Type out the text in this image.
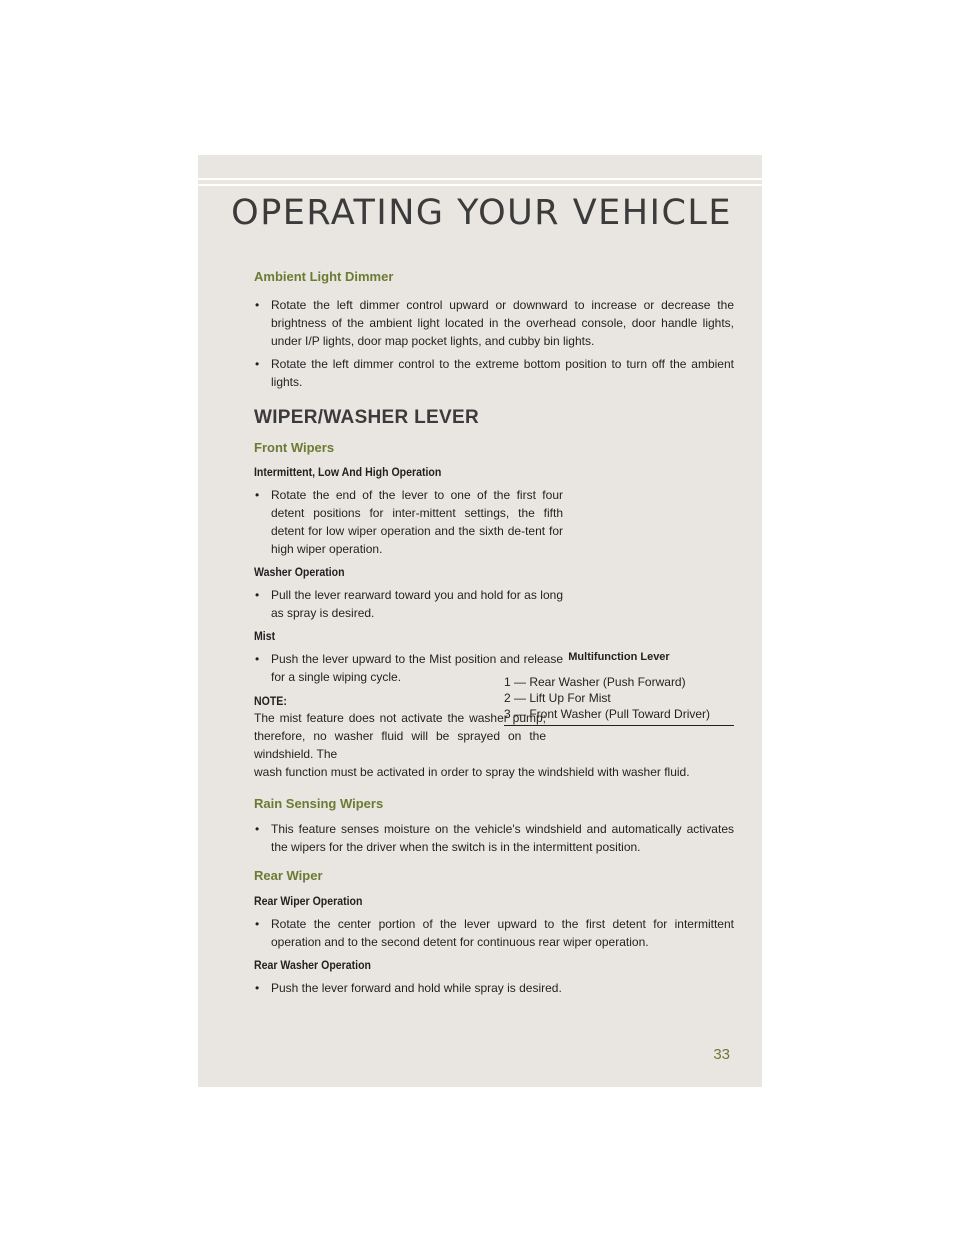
OPERATING YOUR VEHICLE

Ambient Light Dimmer

• Rotate the left dimmer control upward or downward to increase or decrease the brightness of the ambient light located in the overhead console, door handle lights, under I/P lights, door map pocket lights, and cubby bin lights.

• Rotate the left dimmer control to the extreme bottom position to turn off the ambient lights.

WIPER/WASHER LEVER

Front Wipers

Intermittent, Low And High Operation

• Rotate the end of the lever to one of the first four detent positions for inter-mittent settings, the fifth detent for low wiper operation and the sixth de-tent for high wiper operation.

Washer Operation

• Pull the lever rearward toward you and hold for as long as spray is desired.

Mist

• Push the lever upward to the Mist position and release for a single wiping cycle.

NOTE:

The mist feature does not activate the washer pump; therefore, no washer fluid will be sprayed on the windshield. The

wash function must be activated in order to spray the windshield with washer fluid.

Rain Sensing Wipers

• This feature senses moisture on the vehicle's windshield and automatically activates the wipers for the driver when the switch is in the intermittent position.

Rear Wiper

Rear Wiper Operation

• Rotate the center portion of the lever upward to the first detent for intermittent operation and to the second detent for continuous rear wiper operation.

Rear Washer Operation

• Push the lever forward and hold while spray is desired.

Multifunction Lever
1 — Rear Washer (Push Forward)
2 — Lift Up For Mist
3 — Front Washer (Pull Toward Driver)
33
